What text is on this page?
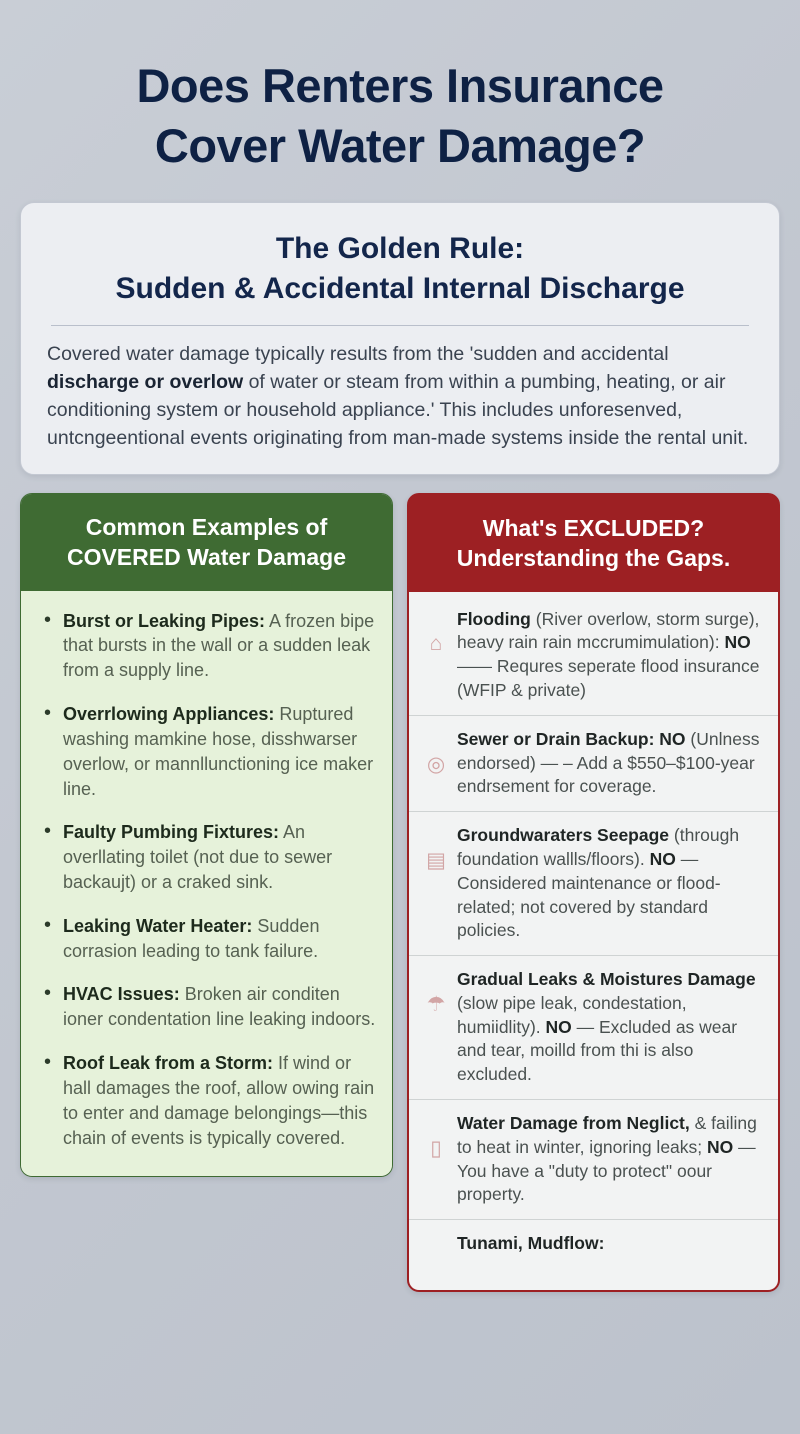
Does Renters Insurance
Cover Water Damage?
The Golden Rule:
Sudden & Accidental Internal Discharge

Covered water damage typically results from the 'sudden and accidental discharge or overlow of water or steam from within a pumbing, heating, or air conditioning system or household appliance.' This includes unforesenved, untcngeentional events originating from man-made systems inside the rental unit.

Common Examples of
COVERED Water Damage
• Burst or Leaking Pipes: A frozen bipe that bursts in the wall or a sudden leak from a supply line.
• Overrlowing Appliances: Ruptured washing mamkine hose, disshwarser overlow, or mannllunctioning ice maker line.
• Faulty Pumbing Fixtures: An overllating toilet (not due to sewer backaujt) or a craked sink.
• Leaking Water Heater: Sudden corrasion leading to tank failure.
• HVAC Issues: Broken air conditen ioner condentation line leaking indoors.
• Roof Leak from a Storm: If wind or hall damages the roof, allow owing rain to enter and damage belongings—this chain of events is typically covered.
What's EXCLUDED?
Understanding the Gaps.
⌂
Flooding (River overlow, storm surge), heavy rain rain mccrumimulation): NO —— Requres seperate flood insurance (WFIP & private)
◎
Sewer or Drain Backup: NO (Unlness endorsed) — – Add a $550–$100-year endrsement for coverage.
▤
Groundwaraters Seepage (through foundation wallls/floors). NO — Considered maintenance or flood-related; not covered by standard policies.
☂
Gradual Leaks & Moistures Damage (slow pipe leak, condestation, humiidlity). NO — Excluded as wear and tear, moilld from thi is also excluded.
▯
Water Damage from Neglict, & failing to heat in winter, ignoring leaks; NO — You have a "duty to protect" oour property.
Tunami, Mudflow:
